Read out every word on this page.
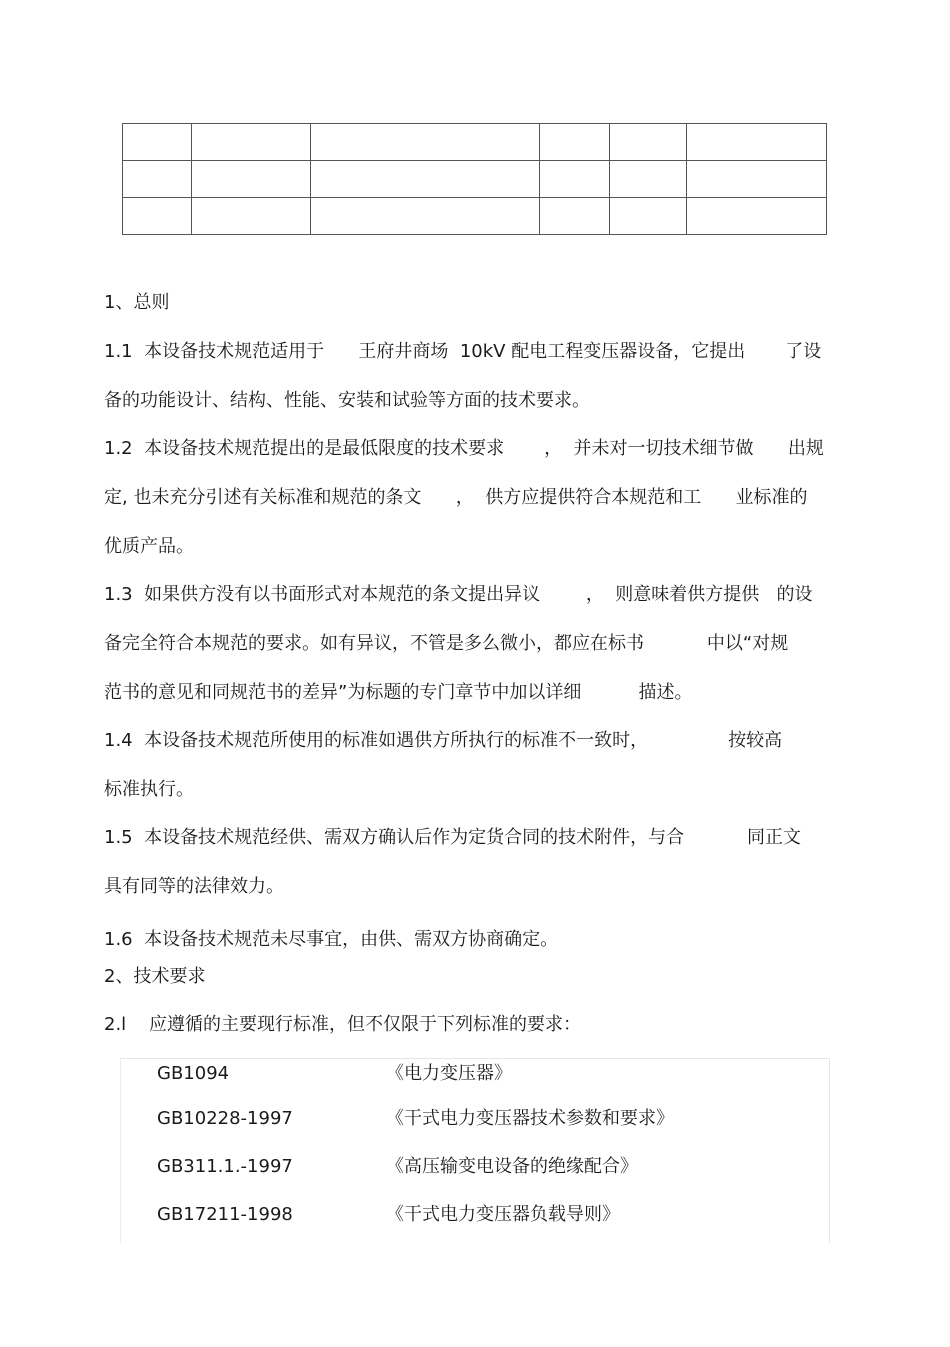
1、总则
1.1  本设备技术规范适用于      王府井商场  10kV 配电工程变压器设备，它提出       了设
备的功能设计、结构、性能、安装和试验等方面的技术要求。
1.2  本设备技术规范提出的是最低限度的技术要求       ，  并未对一切技术细节做      出规
定, 也未充分引述有关标准和规范的条文      ，  供方应提供符合本规范和工      业标准的
优质产品。
1.3  如果供方没有以书面形式对本规范的条文提出异议        ，  则意味着供方提供   的设
备完全符合本规范的要求。如有异议，不管是多么微小，都应在标书           中以“对规
范书的意见和同规范书的差异”为标题的专门章节中加以详细          描述。
1.4  本设备技术规范所使用的标准如遇供方所执行的标准不一致时，              按较高
标准执行。
1.5  本设备技术规范经供、需双方确认后作为定货合同的技术附件，与合           同正文
具有同等的法律效力。
1.6  本设备技术规范未尽事宜，由供、需双方协商确定。
2、技术要求
2.l    应遵循的主要现行标准，但不仅限于下列标准的要求：
GB1094	《电力变压器》
GB10228-1997	《干式电力变压器技术参数和要求》
GB311.1.-1997	《高压输变电设备的绝缘配合》
GB17211-1998	《干式电力变压器负载导则》
